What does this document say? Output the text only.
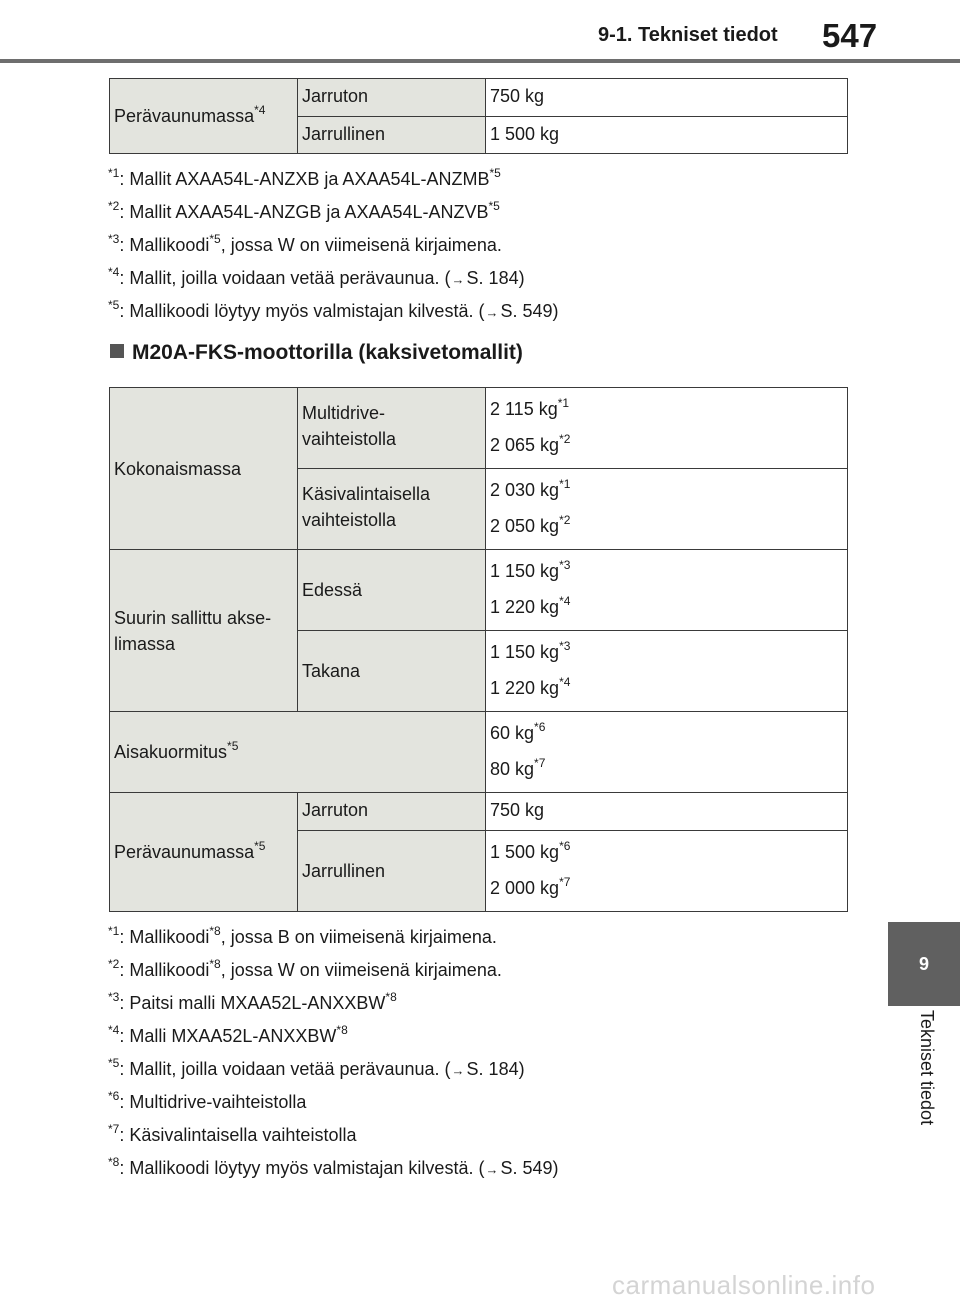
9-1. Tekniset tiedot 547
9
Tekniset tiedot
Perävaunumassa$^{*4}$	Jarruton	750 kg
	Jarrullinen	1 500 kg
$^{*1}$: Mallit AXAA54L-ANZXB ja AXAA54L-ANZMB$^{*5}$
$^{*2}$: Mallit AXAA54L-ANZGB ja AXAA54L-ANZVB$^{*5}$
$^{*3}$: Mallikoodi$^{*5}$, jossa W on viimeisenä kirjaimena.
$^{*4}$: Mallit, joilla voidaan vetää perävaunua. (→ S. 184)
$^{*5}$: Mallikoodi löytyy myös valmistajan kilvestä. (→ S. 549)
M20A-FKS-moottorilla (kaksivetomallit)
Kokonaismassa	Multidrive-
vaihteistolla	2 115 $kg^{*1}$
2 065 $kg^{*2}$

	Käsivalintaisella
vaihteistolla	2 030 $kg^{*1}$
2 050 $kg^{*2}$

Suurin sallittu akse-
limassa	Edessä	1 150 $kg^{*3}$
1 220 $kg^{*4}$

	Takana	1 150 $kg^{*3}$
1 220 $kg^{*4}$

Aisakuormitus$^{*5}$		60 $kg^{*6}$
80 $kg^{*7}$

Perävaunumassa$^{*5}$	Jarruton	750 kg
	Jarrullinen	1 500 $kg^{*6}$
2 000 $kg^{*7}$
$^{*1}$: Mallikoodi$^{*8}$, jossa B on viimeisenä kirjaimena.
$^{*2}$: Mallikoodi$^{*8}$, jossa W on viimeisenä kirjaimena.
$^{*3}$: Paitsi malli MXAA52L-ANXXBW$^{*8}$
$^{*4}$: Malli MXAA52L-ANXXBW$^{*8}$
$^{*5}$: Mallit, joilla voidaan vetää perävaunua. (→ S. 184)
$^{*6}$: Multidrive-vaihteistolla
$^{*7}$: Käsivalintaisella vaihteistolla
$^{*8}$: Mallikoodi löytyy myös valmistajan kilvestä. (→ S. 549)
carmanualsonline.info
